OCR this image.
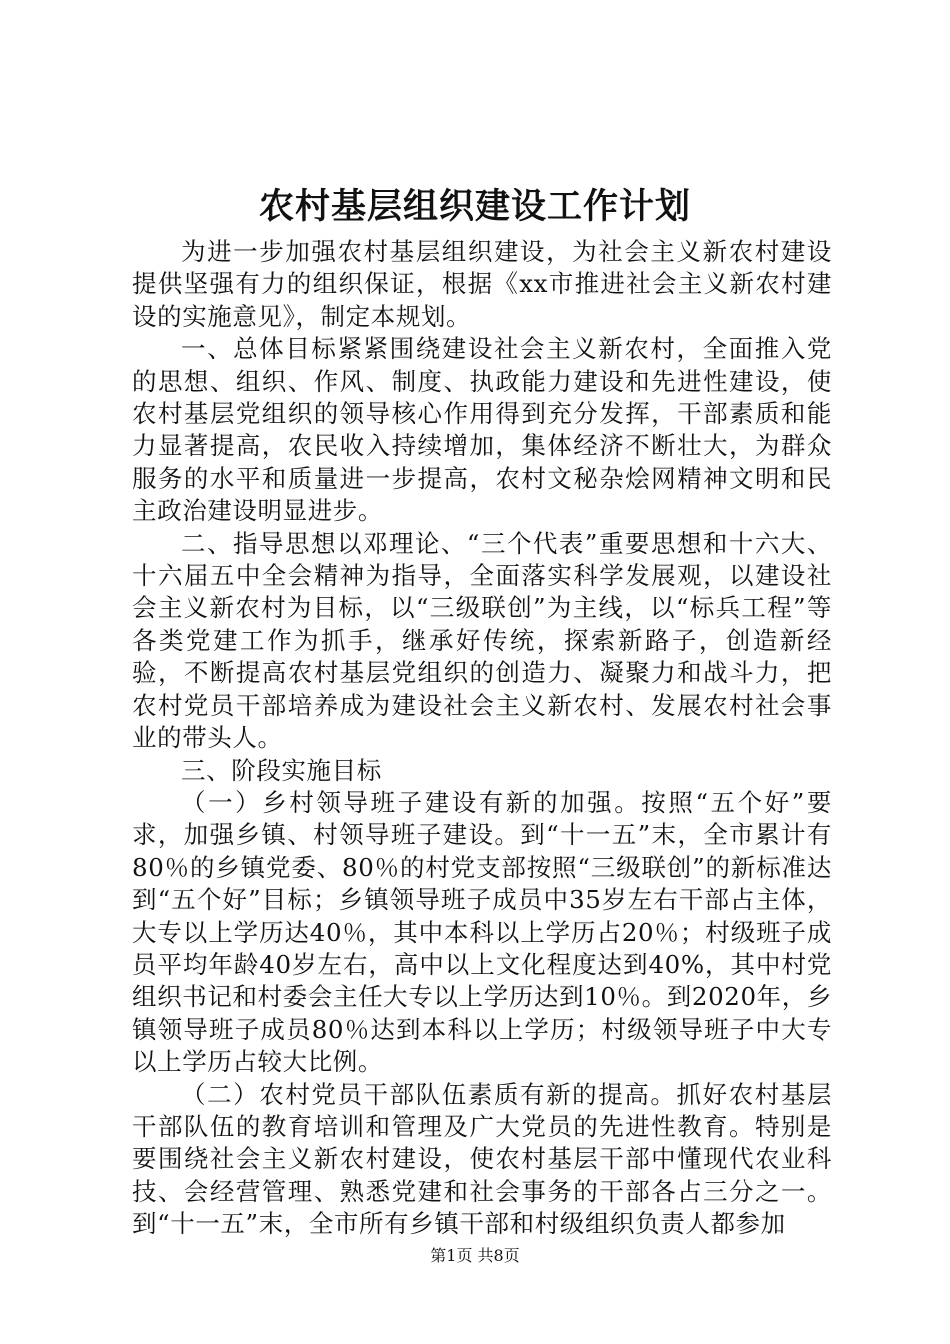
农村基层组织建设工作计划

为进一步加强农村基层组织建设，为社会主义新农村建设提供坚强有力的组织保证，根据《xx市推进社会主义新农村建设的实施意见》，制定本规划。

一、总体目标紧紧围绕建设社会主义新农村，全面推入党的思想、组织、作风、制度、执政能力建设和先进性建设，使农村基层党组织的领导核心作用得到充分发挥，干部素质和能力显著提高，农民收入持续增加，集体经济不断壮大，为群众服务的水平和质量进一步提高，农村文秘杂烩网精神文明和民主政治建设明显进步。

二、指导思想以邓理论、“三个代表”重要思想和十六大、十六届五中全会精神为指导，全面落实科学发展观，以建设社会主义新农村为目标，以“三级联创”为主线，以“标兵工程”等各类党建工作为抓手，继承好传统，探索新路子，创造新经验，不断提高农村基层党组织的创造力、凝聚力和战斗力，把农村党员干部培养成为建设社会主义新农村、发展农村社会事业的带头人。

三、阶段实施目标

（一）乡村领导班子建设有新的加强。按照“五个好”要求，加强乡镇、村领导班子建设。到“十一五”末，全市累计有80％的乡镇党委、80％的村党支部按照“三级联创”的新标准达到“五个好”目标；乡镇领导班子成员中35岁左右干部占主体，大专以上学历达40％，其中本科以上学历占20％；村级班子成员平均年龄40岁左右，高中以上文化程度达到40%，其中村党组织书记和村委会主任大专以上学历达到10％。到2020年，乡镇领导班子成员80％达到本科以上学历；村级领导班子中大专以上学历占较大比例。

（二）农村党员干部队伍素质有新的提高。抓好农村基层干部队伍的教育培训和管理及广大党员的先进性教育。特别是要围绕社会主义新农村建设，使农村基层干部中懂现代农业科技、会经营管理、熟悉党建和社会事务的干部各占三分之一。到“十一五”末，全市所有乡镇干部和村级组织负责人都参加

第1页 共8页
